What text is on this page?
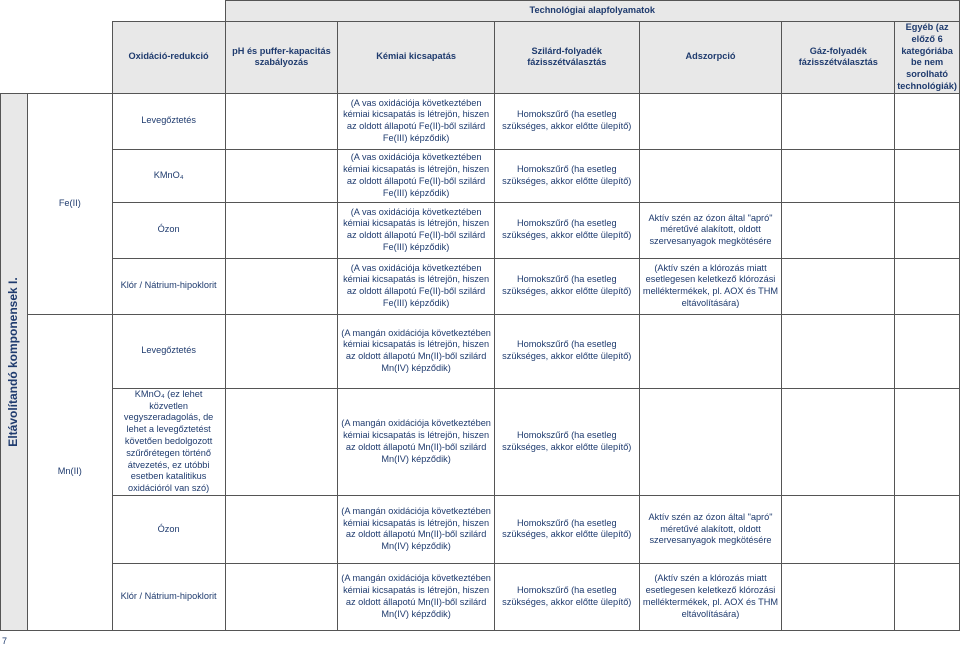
			Technológiai alapfolyamatok					
		Oxidáció-redukció	pH és puffer-kapacitás szabályozás	Kémiai kicsapatás	Szilárd-folyadék fázisszétválasztás	Adszorpció	Gáz-folyadék fázisszétválasztás	Egyéb (az előző 6 kategóriába be nem sorolható technológiák)

Eltávolítandó komponensek I.	Fe(II)	Levegőztetés		(A vas oxidációja következtében kémiai kicsapatás is létrejön, hiszen az oldott állapotú Fe(II)-ből szilárd Fe(III) képződik)	Homokszűrő (ha esetleg szükséges, akkor előtte ülepítő)			
		KMnO₄		(A vas oxidációja következtében kémiai kicsapatás is létrejön, hiszen az oldott állapotú Fe(II)-ből szilárd Fe(III) képződik)	Homokszűrő (ha esetleg szükséges, akkor előtte ülepítő)			
		Ózon		(A vas oxidációja következtében kémiai kicsapatás is létrejön, hiszen az oldott állapotú Fe(II)-ből szilárd Fe(III) képződik)	Homokszűrő (ha esetleg szükséges, akkor előtte ülepítő)	Aktív szén az ózon által "apró" méretűvé alakított, oldott szervesanyagok megkötésére		
		Klór / Nátrium-hipoklorit		(A vas oxidációja következtében kémiai kicsapatás is létrejön, hiszen az oldott állapotú Fe(II)-ből szilárd Fe(III) képződik)	Homokszűrő (ha esetleg szükséges, akkor előtte ülepítő)	(Aktív szén a klórozás miatt esetlegesen keletkező klórozási melléktermékek, pl. AOX és THM eltávolítására)		
	Mn(II)	Levegőztetés		(A mangán oxidációja következtében kémiai kicsapatás is létrejön, hiszen az oldott állapotú Mn(II)-ből szilárd Mn(IV) képződik)	Homokszűrő (ha esetleg szükséges, akkor előtte ülepítő)			
		KMnO₄ (ez lehet közvetlen vegyszeradagolás, de lehet a levegőztetést követően bedolgozott szűrőrétegen történő átvezetés, ez utóbbi esetben katalitikus oxidációról van szó)		(A mangán oxidációja következtében kémiai kicsapatás is létrejön, hiszen az oldott állapotú Mn(II)-ből szilárd Mn(IV) képződik)	Homokszűrő (ha esetleg szükséges, akkor előtte ülepítő)			
		Ózon		(A mangán oxidációja következtében kémiai kicsapatás is létrejön, hiszen az oldott állapotú Mn(II)-ből szilárd Mn(IV) képződik)	Homokszűrő (ha esetleg szükséges, akkor előtte ülepítő)	Aktív szén az ózon által "apró" méretűvé alakított, oldott szervesanyagok megkötésére		
		Klór / Nátrium-hipoklorit		(A mangán oxidációja következtében kémiai kicsapatás is létrejön, hiszen az oldott állapotú Mn(II)-ből szilárd Mn(IV) képződik)	Homokszűrő (ha esetleg szükséges, akkor előtte ülepítő)	(Aktív szén a klórozás miatt esetlegesen keletkező klórozási melléktermékek, pl. AOX és THM eltávolítására)		
7
